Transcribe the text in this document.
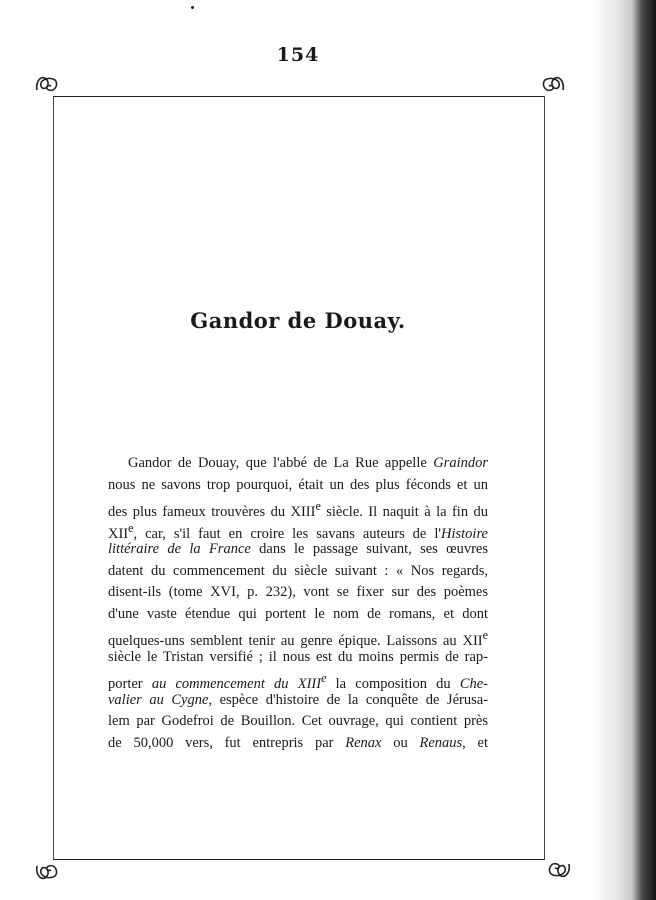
154
Gandor de Douay.
Gandor de Douay, que l'abbé de La Rue appelle Graindor
nous ne savons trop pourquoi, était un des plus féconds et un
des plus fameux trouvères du XIIIe siècle. Il naquit à la fin du
XIIe, car, s'il faut en croire les savans auteurs de l'Histoire
littéraire de la France dans le passage suivant, ses œuvres
datent du commencement du siècle suivant : « Nos regards,
disent-ils (tome XVI, p. 232), vont se fixer sur des poèmes
d'une vaste étendue qui portent le nom de romans, et dont
quelques-uns semblent tenir au genre épique. Laissons au XIIe
siècle le Tristan versifié ; il nous est du moins permis de rap-
porter au commencement du XIIIe la composition du Che-
valier au Cygne, espèce d'histoire de la conquête de Jérusa-
lem par Godefroi de Bouillon. Cet ouvrage, qui contient près
de 50,000 vers, fut entrepris par Renax ou Renaus, et
